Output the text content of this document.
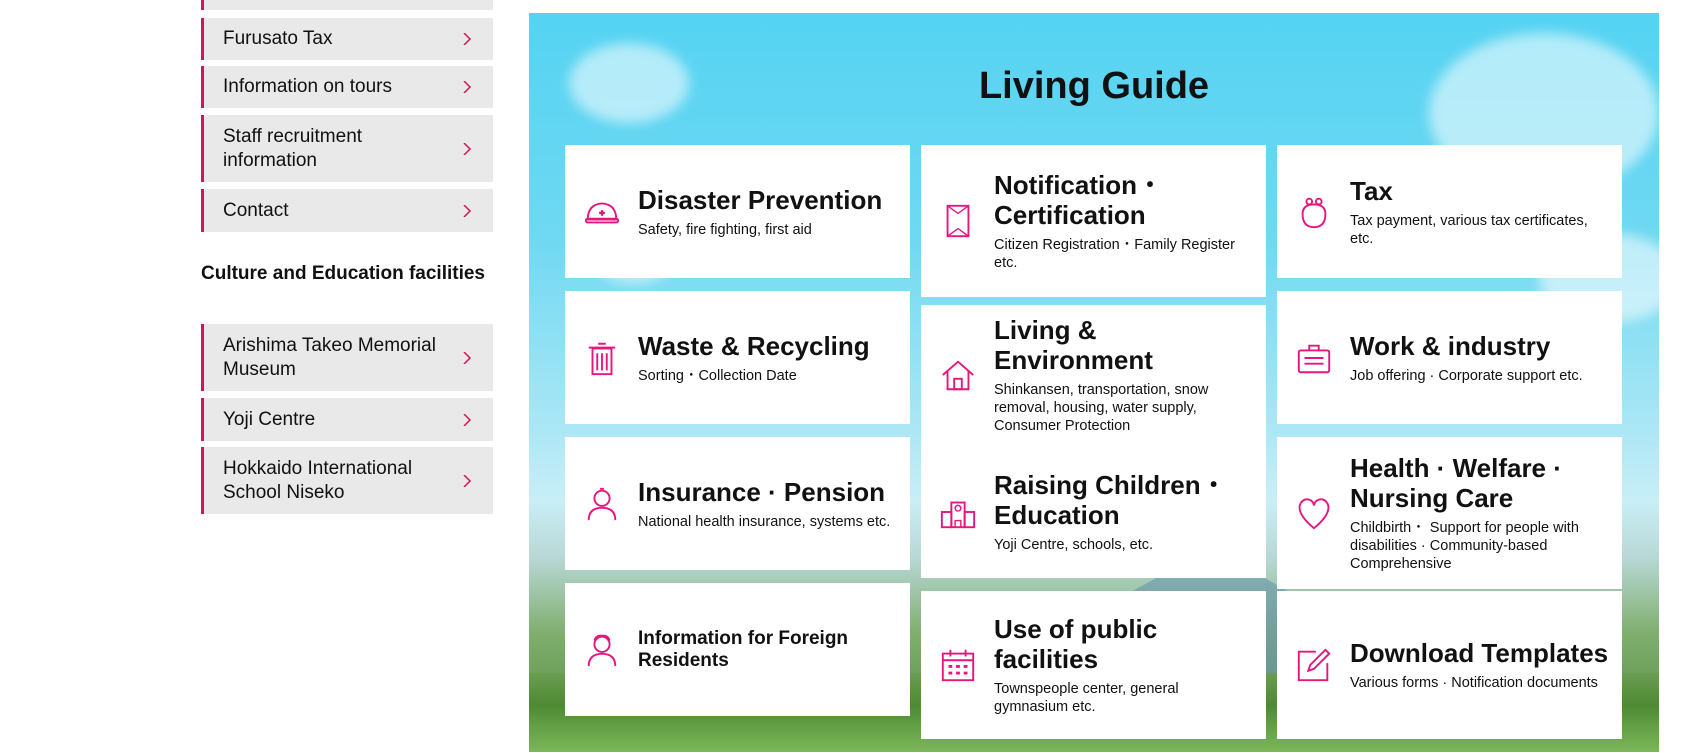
Furusato Tax
Information on tours
Staff recruitment information
Contact
Culture and Education facilities
Arishima Takeo Memorial Museum
Yoji Centre
Hokkaido International School Niseko
Living Guide
Disaster Prevention
Safety, fire fighting, first aid
Notification・Certification
Citizen Registration・Family Register etc.
Tax
Tax payment, various tax certificates, etc.
Waste & Recycling
Sorting・Collection Date
Living & Environment
Shinkansen, transportation, snow removal, housing, water supply, Consumer Protection
Work & industry
Job offering · Corporate support etc.
Insurance · Pension
National health insurance, systems etc.
Raising Children・Education
Yoji Centre, schools, etc.
Health · Welfare · Nursing Care
Childbirth・ Support for people with disabilities · Community-based Comprehensive
Information for Foreign Residents
Use of public facilities
Townspeople center, general gymnasium etc.
Download Templates
Various forms · Notification documents
